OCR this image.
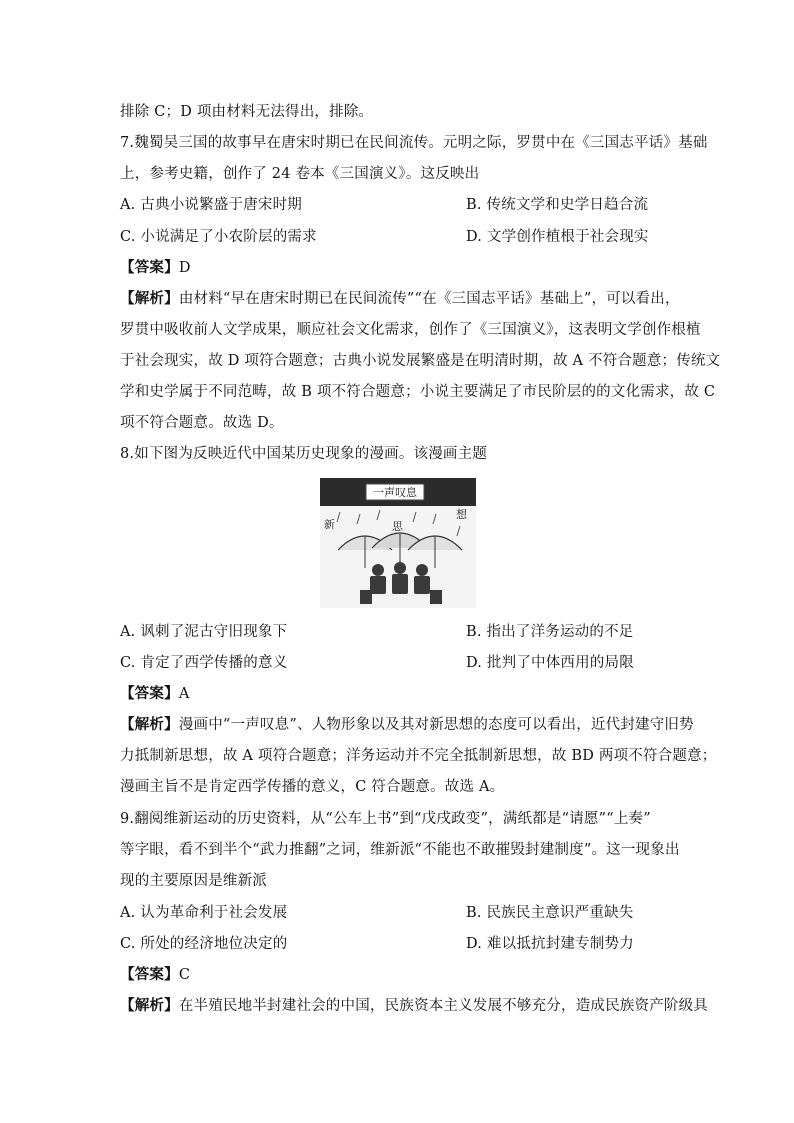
排除 C；D 项由材料无法得出，排除。
7.魏蜀吴三国的故事早在唐宋时期已在民间流传。元明之际，罗贯中在《三国志平话》基础
上，参考史籍，创作了 24 卷本《三国演义》。这反映出
A. 古典小说繁盛于唐宋时期	B. 传统文学和史学日趋合流
C. 小说满足了小农阶层的需求	D. 文学创作植根于社会现实
【答案】D
【解析】由材料“早在唐宋时期已在民间流传”“在《三国志平话》基础上”，可以看出，
罗贯中吸收前人文学成果，顺应社会文化需求，创作了《三国演义》，这表明文学创作根植
于社会现实，故 D 项符合题意；古典小说发展繁盛是在明清时期，故 A 不符合题意；传统文
学和史学属于不同范畴，故 B 项不符合题意；小说主要满足了市民阶层的的文化需求，故 C
项不符合题意。故选 D。
8.如下图为反映近代中国某历史现象的漫画。该漫画主题
一声叹息
新	思
想
A. 讽刺了泥古守旧现象下	B. 指出了洋务运动的不足
C. 肯定了西学传播的意义	D. 批判了中体西用的局限
【答案】A
【解析】漫画中“一声叹息”、人物形象以及其对新思想的态度可以看出，近代封建守旧势
力抵制新思想，故 A 项符合题意；洋务运动并不完全抵制新思想，故 BD 两项不符合题意；
漫画主旨不是肯定西学传播的意义，C 符合题意。故选 A。
9.翻阅维新运动的历史资料，从“公车上书”到“戊戌政变”，满纸都是“请愿”“上奏”
等字眼，看不到半个“武力推翻”之词，维新派“不能也不敢摧毁封建制度”。这一现象出
现的主要原因是维新派
A. 认为革命利于社会发展	B. 民族民主意识严重缺失
C. 所处的经济地位决定的	D. 难以抵抗封建专制势力
【答案】C
【解析】在半殖民地半封建社会的中国，民族资本主义发展不够充分，造成民族资产阶级具
